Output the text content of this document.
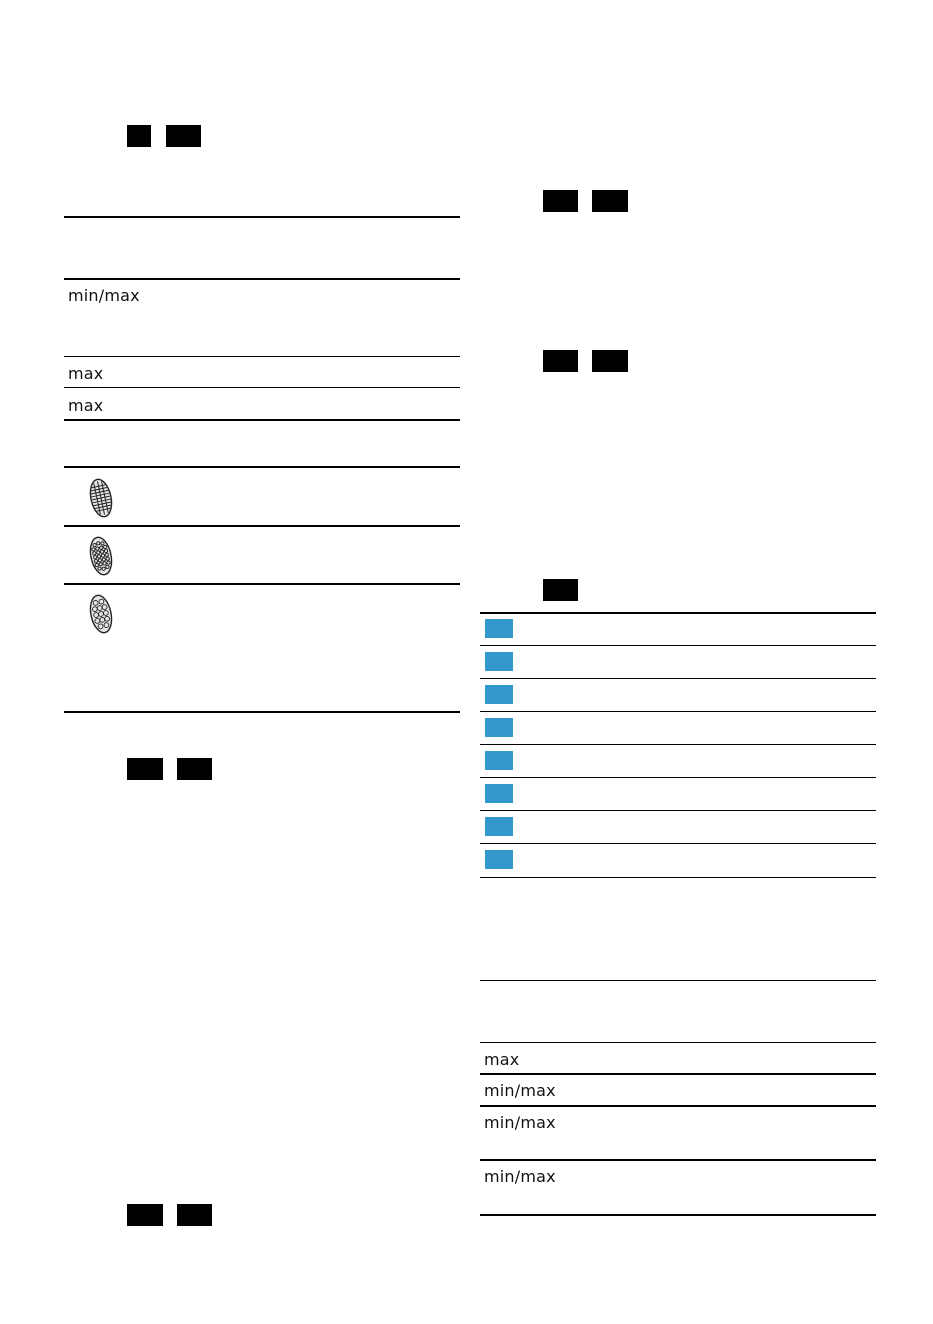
min/max
max
max
max
min/max
min/max
min/max
